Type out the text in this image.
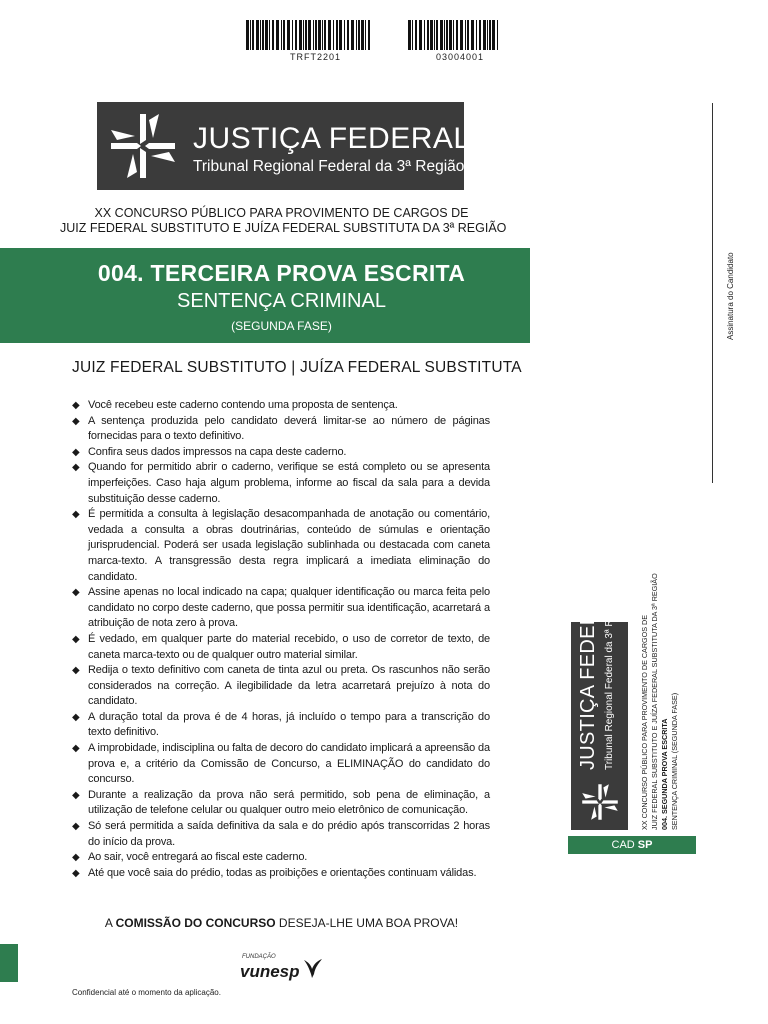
TRFT2201	03004001
JUSTIÇA FEDERAL
Tribunal Regional Federal da 3ª Região
XX CONCURSO PÚBLICO PARA PROVIMENTO DE CARGOS DE
JUIZ FEDERAL SUBSTITUTO E JUÍZA FEDERAL SUBSTITUTA DA 3ª REGIÃO
004. TERCEIRA PROVA ESCRITA
SENTENÇA CRIMINAL
(SEGUNDA FASE)
JUIZ FEDERAL SUBSTITUTO | JUÍZA FEDERAL SUBSTITUTA
◆ Você recebeu este caderno contendo uma proposta de sentença.
◆ A sentença produzida pelo candidato deverá limitar-se ao número de páginas fornecidas para o texto definitivo.
◆ Confira seus dados impressos na capa deste caderno.
◆ Quando for permitido abrir o caderno, verifique se está completo ou se apresenta imperfeições. Caso haja algum problema, informe ao fiscal da sala para a devida substituição desse caderno.
◆ É permitida a consulta à legislação desacompanhada de anotação ou comentário, vedada a consulta a obras doutrinárias, conteúdo de súmulas e orientação jurisprudencial. Poderá ser usada legislação sublinhada ou destacada com caneta marca-texto. A transgressão desta regra implicará a imediata eliminação do candidato.
◆ Assine apenas no local indicado na capa; qualquer identificação ou marca feita pelo candidato no corpo deste caderno, que possa permitir sua identificação, acarretará a atribuição de nota zero à prova.
◆ É vedado, em qualquer parte do material recebido, o uso de corretor de texto, de caneta marca-texto ou de qualquer outro material similar.
◆ Redija o texto definitivo com caneta de tinta azul ou preta. Os rascunhos não serão considerados na correção. A ilegibilidade da letra acarretará prejuízo à nota do candidato.
◆ A duração total da prova é de 4 horas, já incluído o tempo para a transcrição do texto definitivo.
◆ A improbidade, indisciplina ou falta de decoro do candidato implicará a apreensão da prova e, a critério da Comissão de Concurso, a ELIMINAÇÃO do candidato do concurso.
◆ Durante a realização da prova não será permitido, sob pena de eliminação, a utilização de telefone celular ou qualquer outro meio eletrônico de comunicação.
◆ Só será permitida a saída definitiva da sala e do prédio após transcorridas 2 horas do início da prova.
◆ Ao sair, você entregará ao fiscal este caderno.
◆ Até que você saia do prédio, todas as proibições e orientações continuam válidas.
A COMISSÃO DO CONCURSO DESEJA-LHE UMA BOA PROVA!
FUNDAÇÃO
vunesp
Confidencial até o momento da aplicação.
Assinatura do Candidato
JUSTIÇA FEDERAL Tribunal Regional Federal da 3ª Região	XX CONCURSO PÚBLICO PARA PROVIMENTO DE CARGOS DE JUIZ FEDERAL SUBSTITUTO E JUÍZA FEDERAL SUBSTITUTA DA 3ª REGIÃO 004. SEGUNDA PROVA ESCRITA SENTENÇA CRIMINAL (SEGUNDA FASE)
CAD SP
